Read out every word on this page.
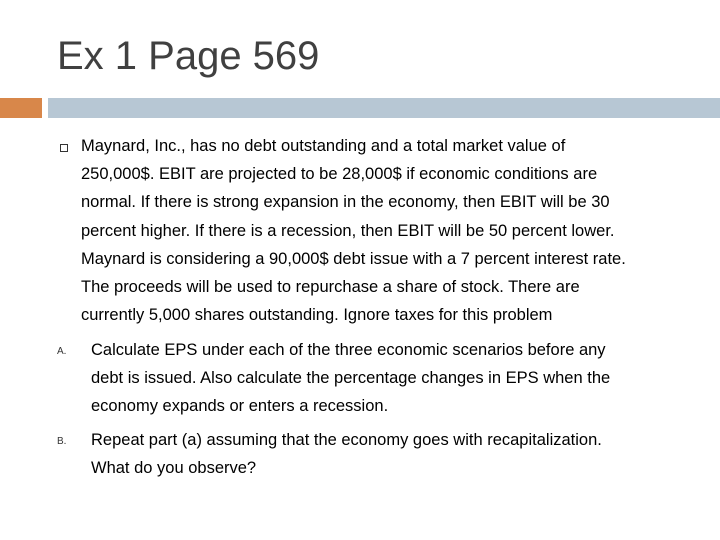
Ex 1 Page 569

Maynard, Inc., has no debt outstanding and a total market value of
250,000$. EBIT are projected to be 28,000$ if economic conditions are
normal. If there is strong expansion in the economy, then EBIT will be 30
percent higher. If there is a recession, then EBIT will be 50 percent lower.
Maynard is considering a 90,000$ debt issue with a 7 percent interest rate.
The proceeds will be used to repurchase a share of stock. There are
currently 5,000 shares outstanding. Ignore taxes for this problem

A. Calculate EPS under each of the three economic scenarios before any
debt is issued. Also calculate the percentage changes in EPS when the
economy expands or enters a recession.

B. Repeat part (a) assuming that the economy goes with recapitalization.
What do you observe?
